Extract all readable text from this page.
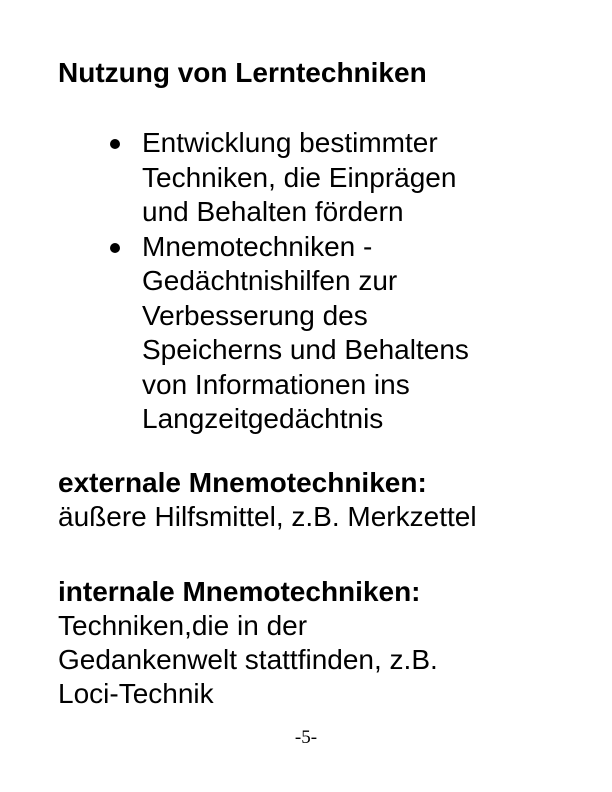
Nutzung von Lerntechniken
Entwicklung bestimmter
Techniken, die Einprägen
und Behalten fördern
Mnemotechniken -
Gedächtnishilfen zur
Verbesserung des
Speicherns und Behaltens
von Informationen ins
Langzeitgedächtnis
externale Mnemotechniken:
äußere Hilfsmittel, z.B. Merkzettel
internale Mnemotechniken:
Techniken,die in der
Gedankenwelt stattfinden, z.B.
Loci-Technik
-5-
